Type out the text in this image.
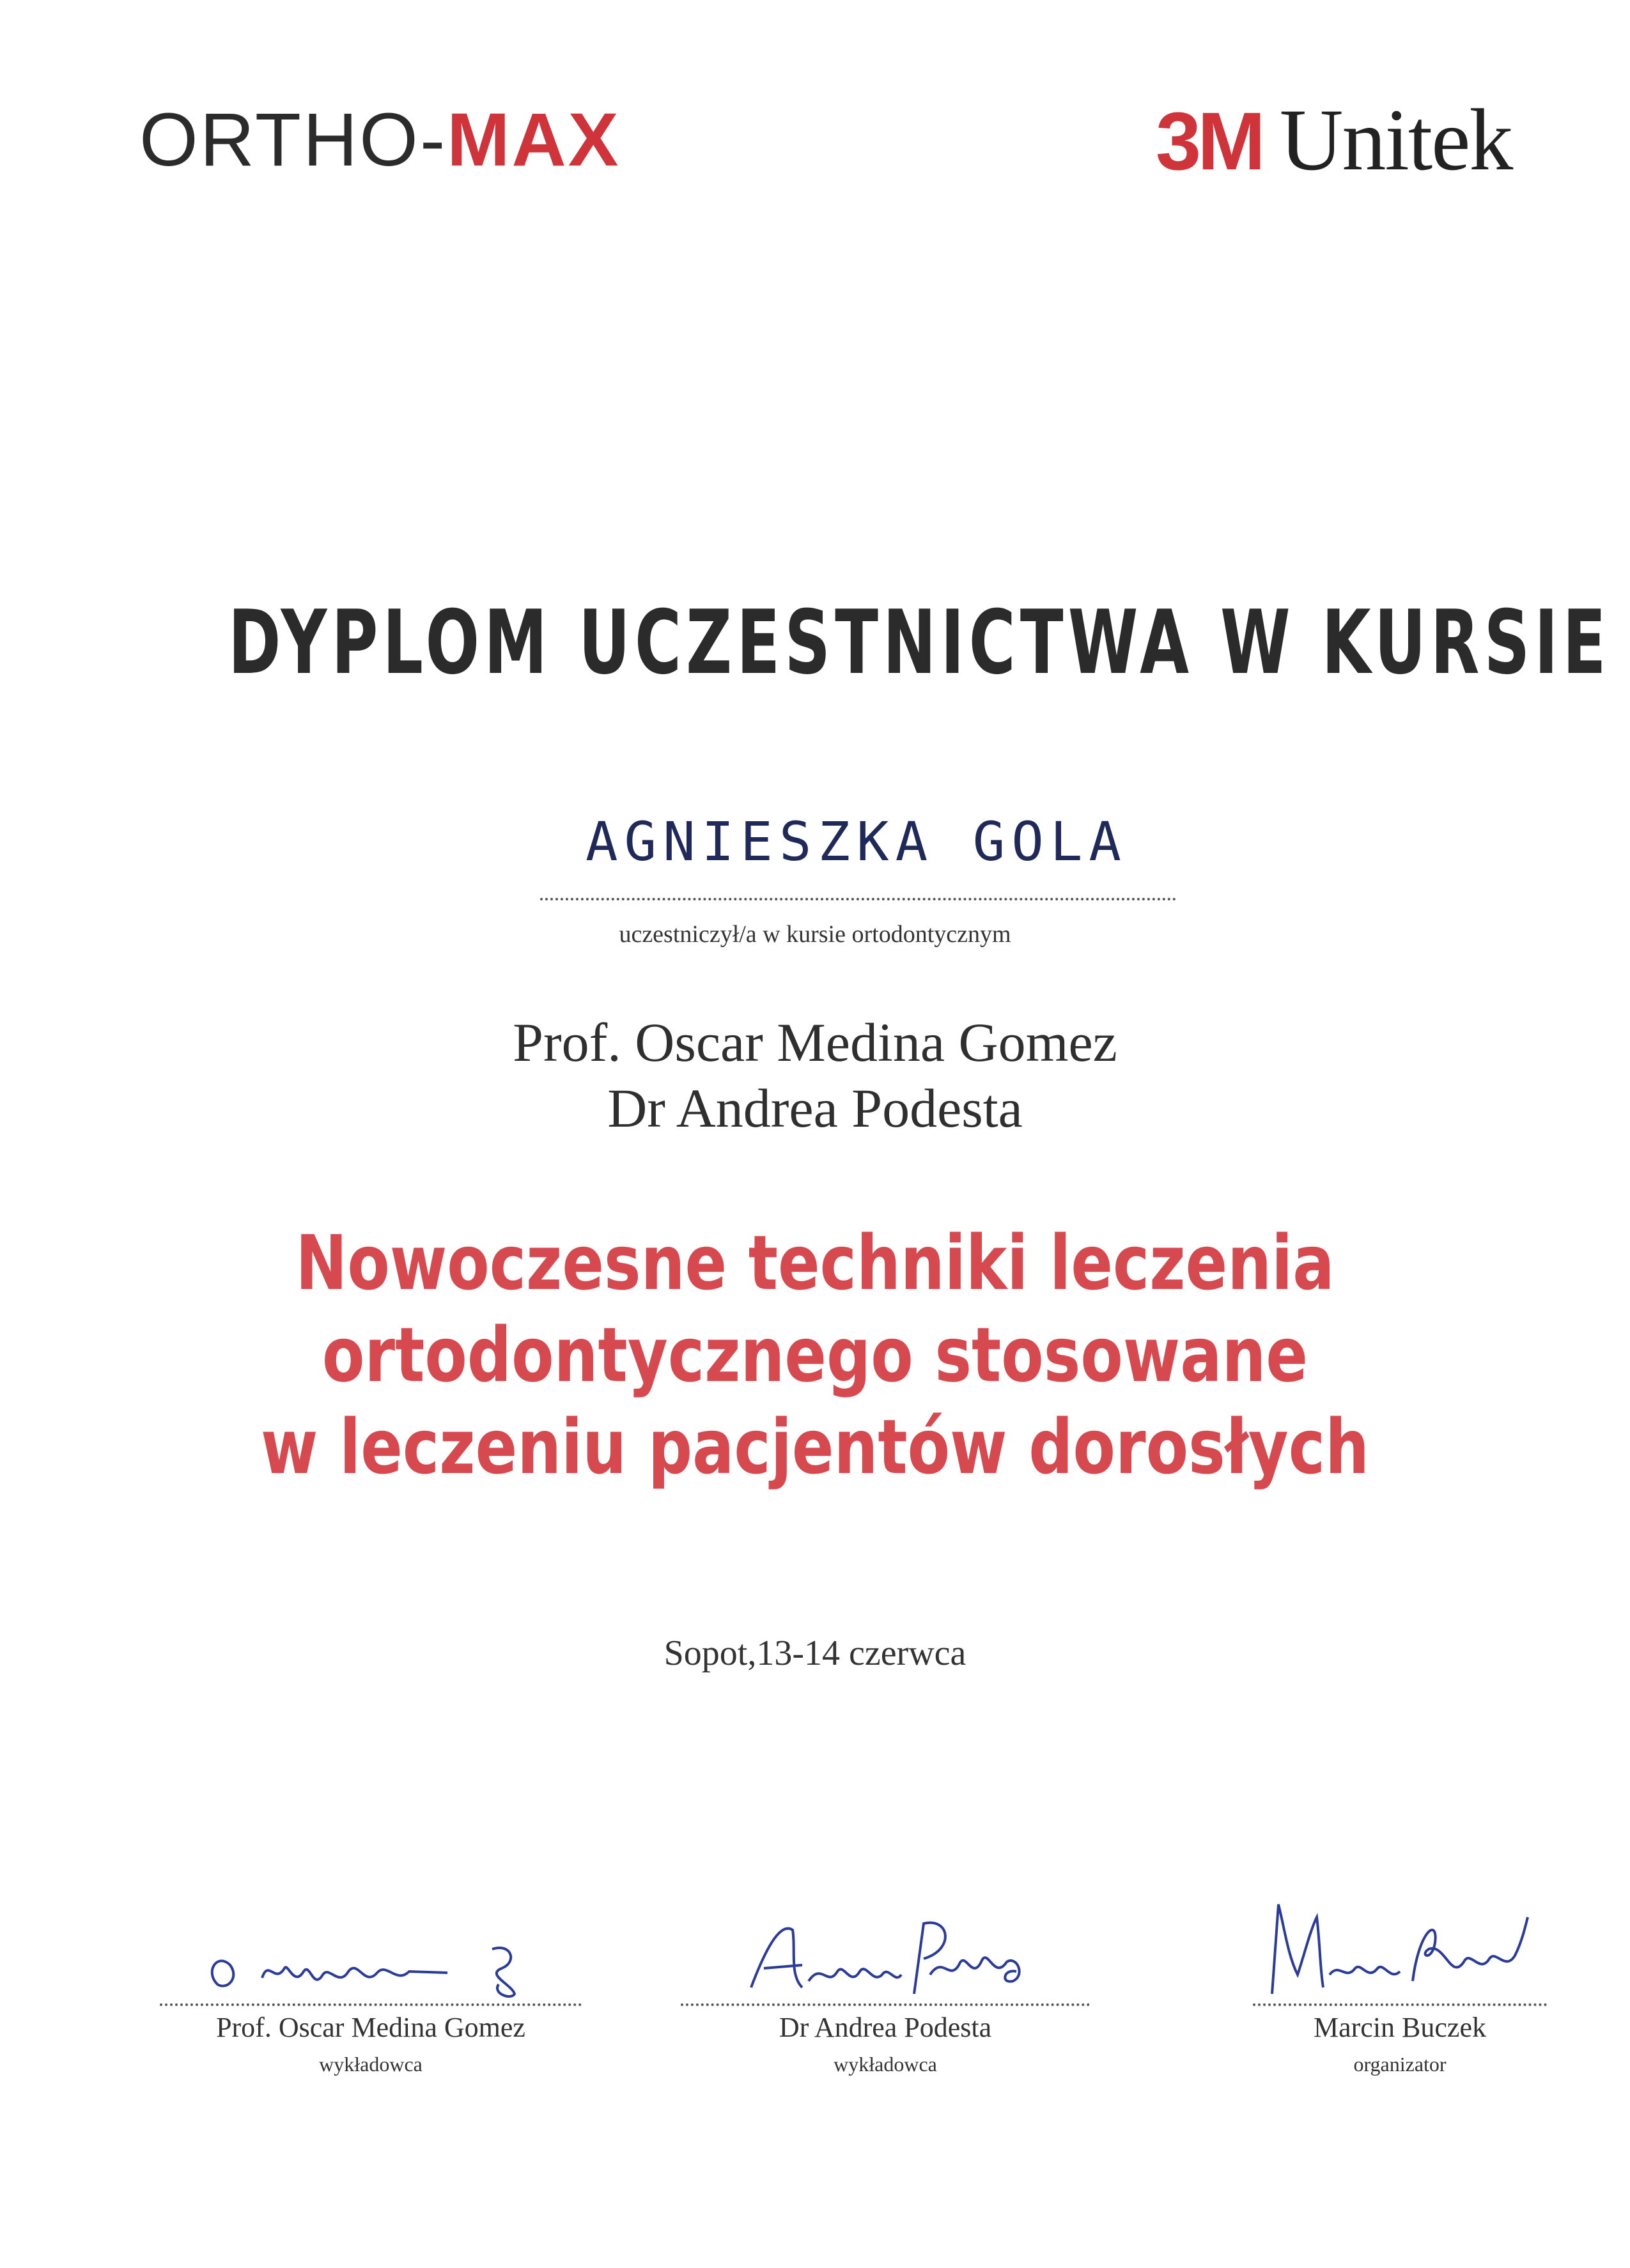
ORTHO-MAX	3M Unitek
DYPLOM UCZESTNICTWA W KURSIE
AGNIESZKA GOLA
uczestniczył/a w kursie ortodontycznym
Prof. Oscar Medina Gomez
Dr Andrea Podesta
Nowoczesne techniki leczenia
ortodontycznego stosowane
w leczeniu pacjentów dorosłych
Sopot,13-14 czerwca
Prof. Oscar Medina Gomez
wykładowca
Dr Andrea Podesta
wykładowca
Marcin Buczek
organizator
